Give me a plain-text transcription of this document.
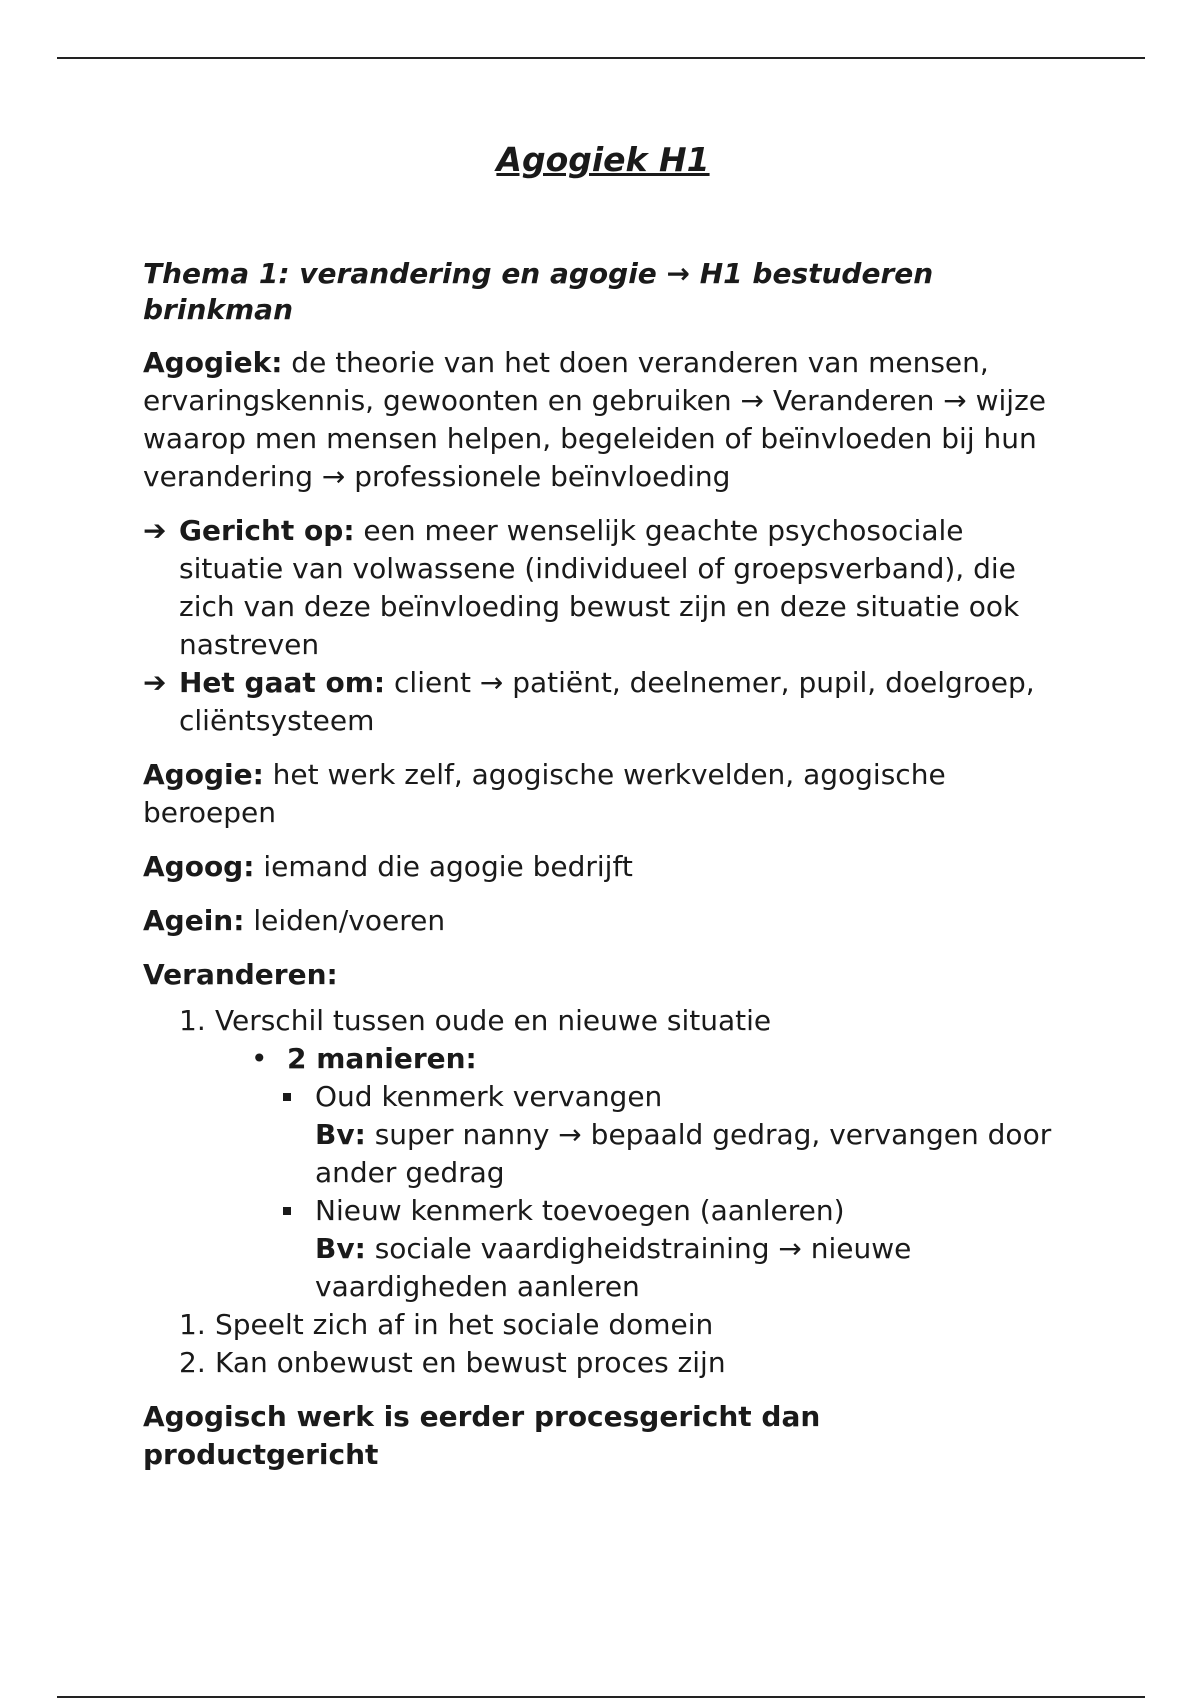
Agogiek H1
Thema 1: verandering en agogie → H1 bestuderen brinkman

Agogiek: de theorie van het doen veranderen van mensen, ervaringskennis, gewoonten en gebruiken → Veranderen → wijze waarop men mensen helpen, begeleiden of beïnvloeden bij hun verandering → professionele beïnvloeding

➔ Gericht op: een meer wenselijk geachte psychosociale situatie van volwassene (individueel of groepsverband), die zich van deze beïnvloeding bewust zijn en deze situatie ook nastreven
➔ Het gaat om: client → patiënt, deelnemer, pupil, doelgroep, cliëntsysteem

Agogie: het werk zelf, agogische werkvelden, agogische beroepen

Agoog: iemand die agogie bedrijft

Agein: leiden/voeren

Veranderen:

1. Verschil tussen oude en nieuwe situatie
• 2 manieren:
Oud kenmerk vervangen
Bv: super nanny → bepaald gedrag, vervangen door ander gedrag
Nieuw kenmerk toevoegen (aanleren)
Bv: sociale vaardigheidstraining → nieuwe vaardigheden aanleren
1. Speelt zich af in het sociale domein
2. Kan onbewust en bewust proces zijn

Agogisch werk is eerder procesgericht dan productgericht
